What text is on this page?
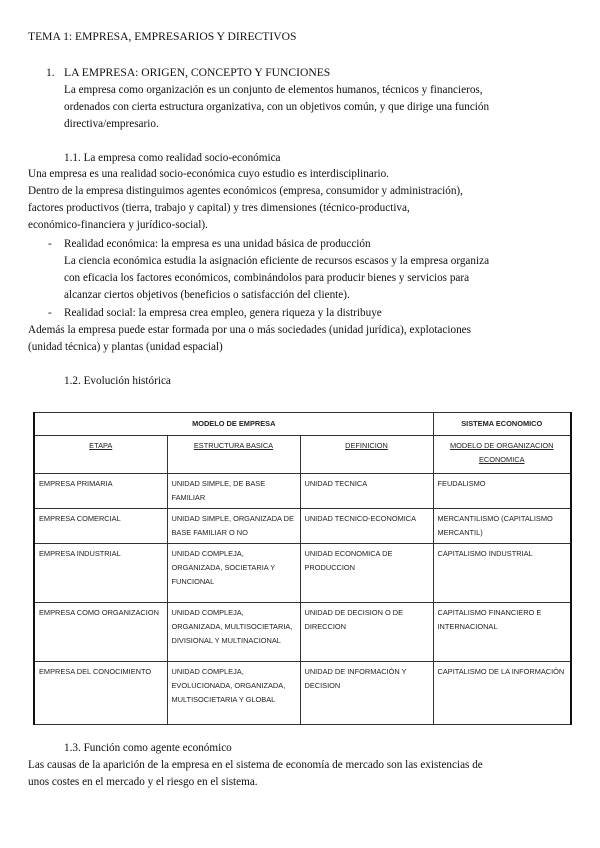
TEMA 1: EMPRESA, EMPRESARIOS Y DIRECTIVOS
1. LA EMPRESA: ORIGEN, CONCEPTO Y FUNCIONES
La empresa como organización es un conjunto de elementos humanos, técnicos y financieros,
ordenados con cierta estructura organizativa, con un objetivos común, y que dirige una función
directiva/empresario.
1.1. La empresa como realidad socio-económica
Una empresa es una realidad socio-económica cuyo estudio es interdisciplinario.
Dentro de la empresa distinguimos agentes económicos (empresa, consumidor y administración),
factores productivos (tierra, trabajo y capital) y tres dimensiones (técnico-productiva,
económico-financiera y jurídico-social).
- Realidad económica: la empresa es una unidad básica de producción
La ciencia económica estudia la asignación eficiente de recursos escasos y la empresa organiza
con eficacia los factores económicos, combinándolos para producir bienes y servicios para
alcanzar ciertos objetivos (beneficios o satisfacción del cliente).
- Realidad social: la empresa crea empleo, genera riqueza y la distribuye
Además la empresa puede estar formada por una o más sociedades (unidad jurídica), explotaciones
(unidad técnica) y plantas (unidad espacial)
1.2. Evolución histórica
MODELO DE EMPRESA			SISTEMA ECONOMICO
ETAPA	ESTRUCTURA BASICA	DEFINICION	MODELO DE ORGANIZACION ECONOMICA
EMPRESA PRIMARIA	UNIDAD SIMPLE, DE BASE FAMILIAR	UNIDAD TECNICA	FEUDALISMO
EMPRESA COMERCIAL	UNIDAD SIMPLE, ORGANIZADA DE BASE FAMILIAR O NO	UNIDAD TECNICO-ECONOMICA	MERCANTILISMO (CAPITALISMO MERCANTIL)
EMPRESA INDUSTRIAL	UNIDAD COMPLEJA, ORGANIZADA, SOCIETARIA Y FUNCIONAL	UNIDAD ECONOMICA DE PRODUCCION	CAPITALISMO INDUSTRIAL
EMPRESA COMO ORGANIZACION	UNIDAD COMPLEJA, ORGANIZADA, MULTISOCIETARIA, DIVISIONAL Y MULTINACIONAL	UNIDAD DE DECISION O DE DIRECCION	CAPITALISMO FINANCIERO E INTERNACIONAL
EMPRESA DEL CONOCIMIENTO	UNIDAD COMPLEJA, EVOLUCIONADA, ORGANIZADA, MULTISOCIETARIA Y GLOBAL	UNIDAD DE INFORMACIÓN Y DECISION	CAPITALISMO DE LA INFORMACIÓN
1.3. Función como agente económico
Las causas de la aparición de la empresa en el sistema de economía de mercado son las existencias de
unos costes en el mercado y el riesgo en el sistema.
